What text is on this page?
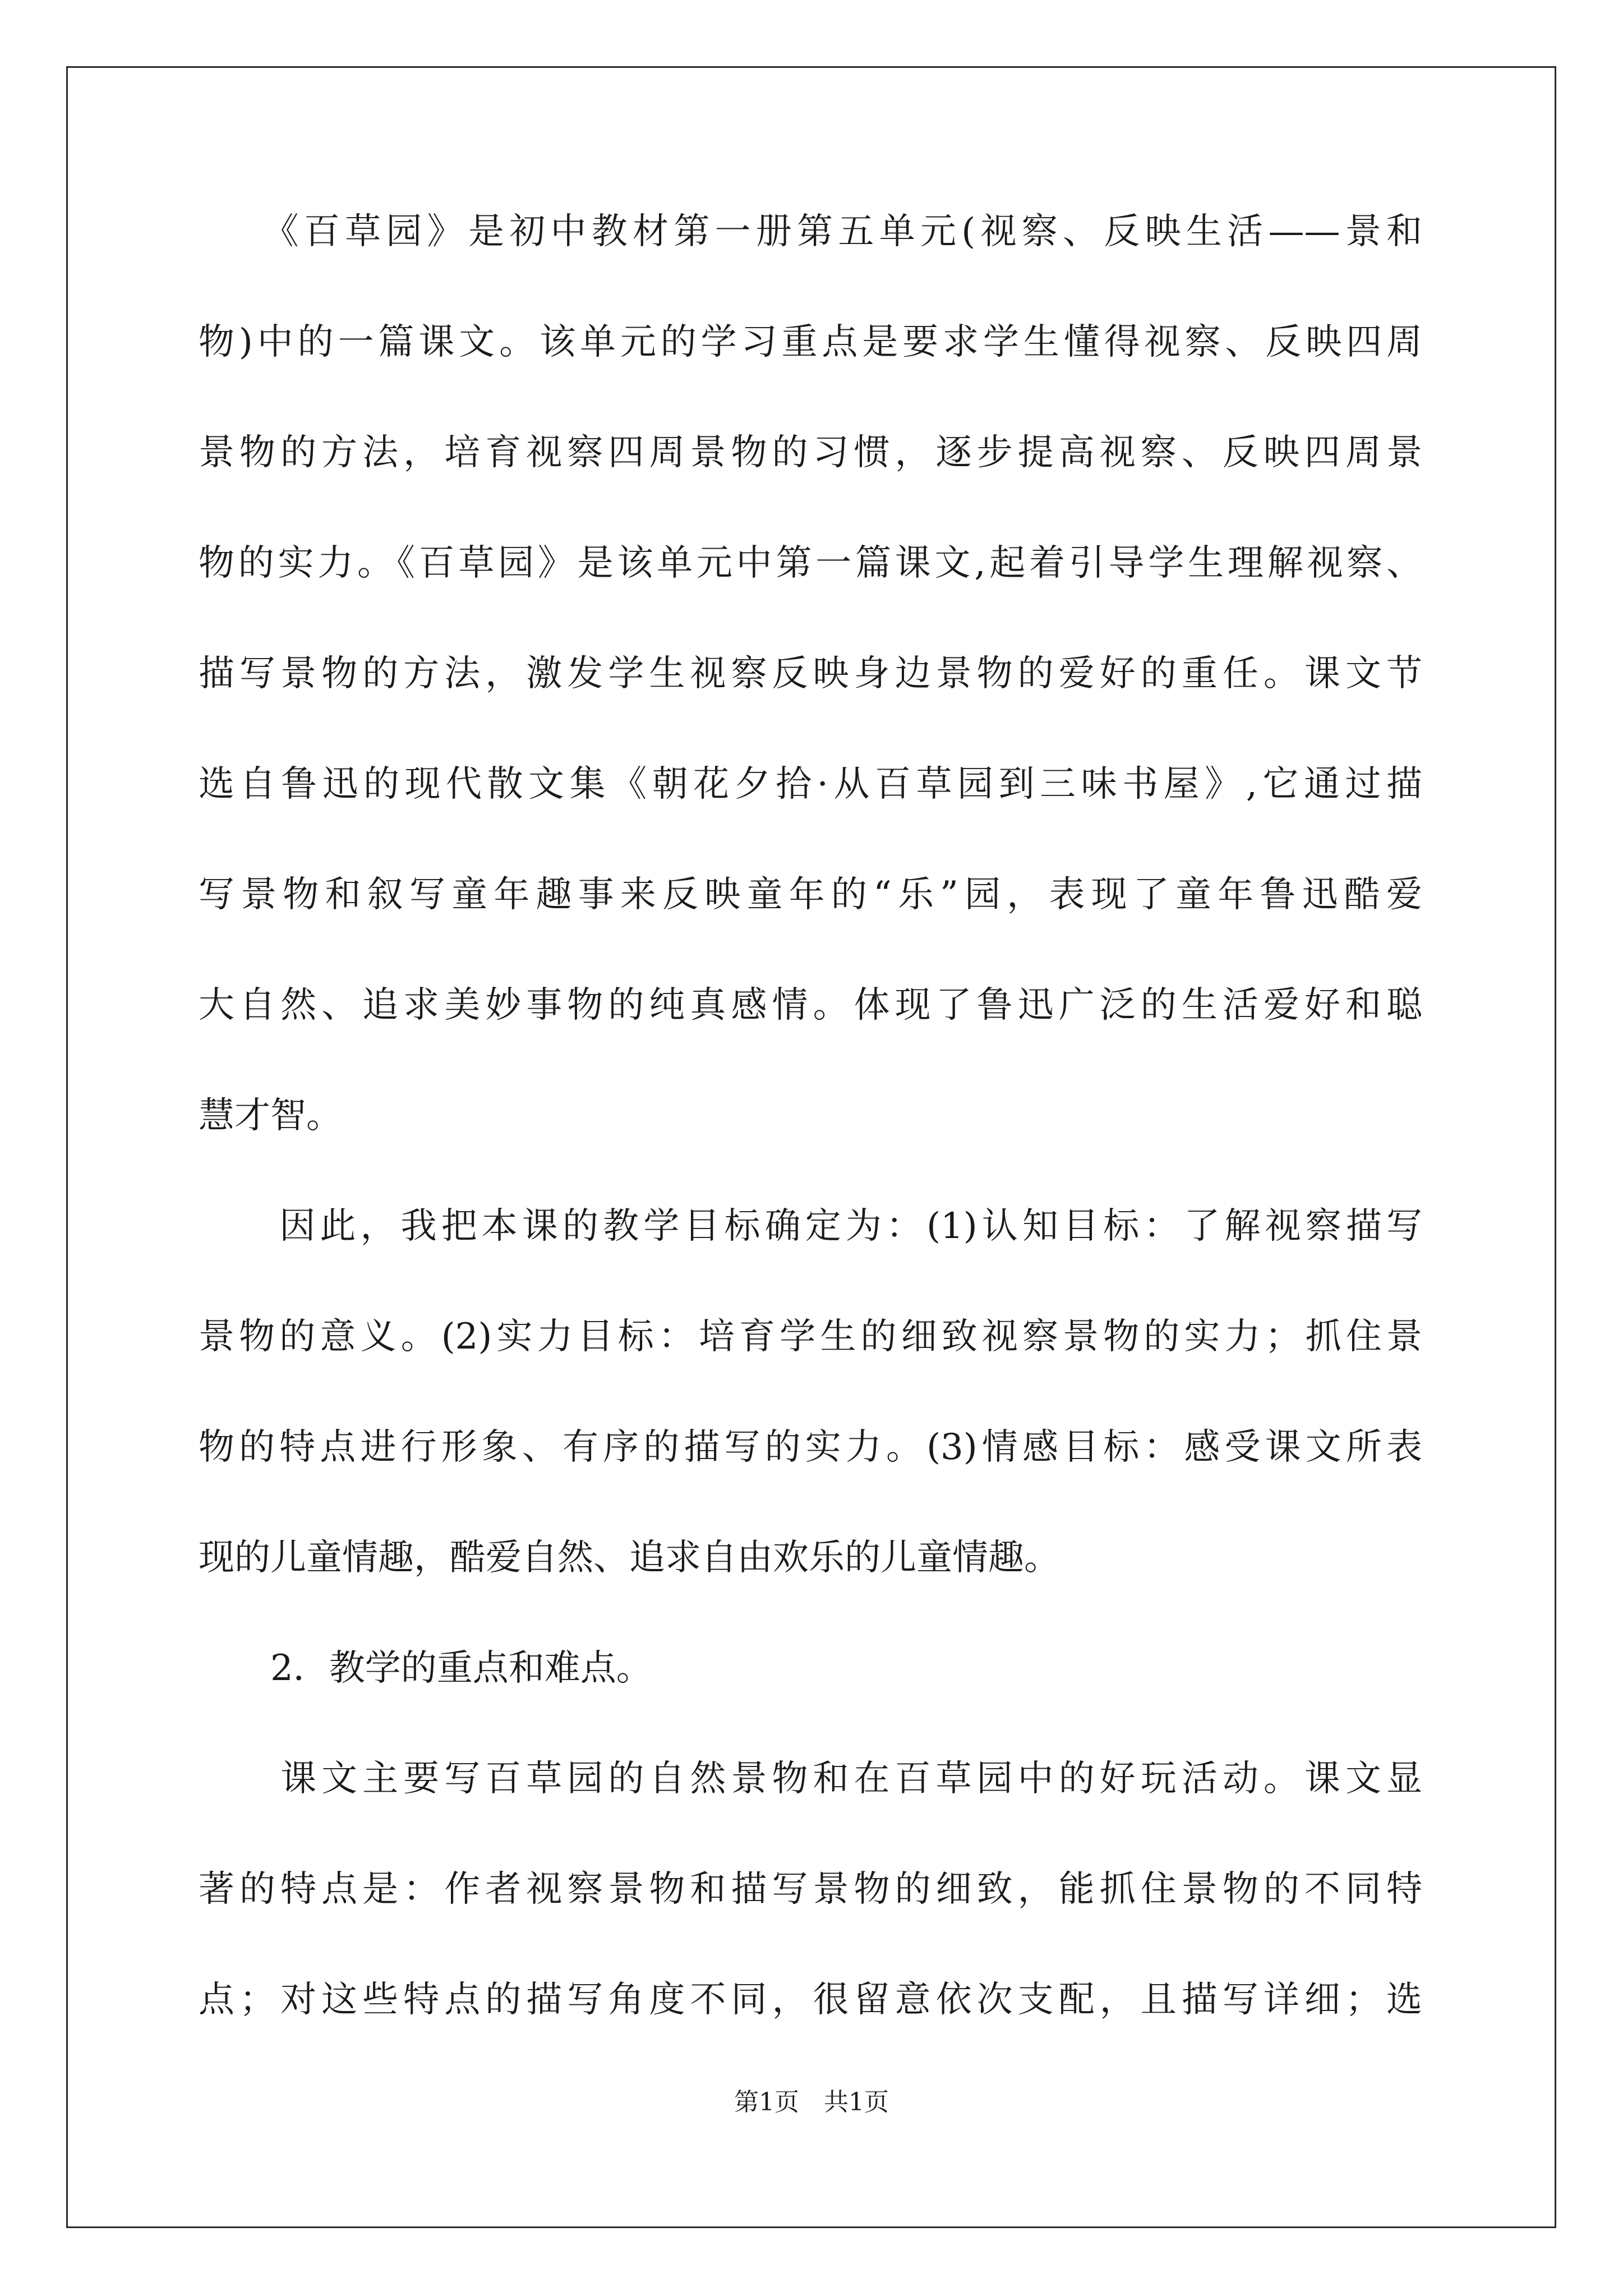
　　《百草园》是初中教材第一册第五单元(视察、反映生活——景和
物)中的一篇课文。该单元的学习重点是要求学生懂得视察、反映四周
景物的方法，培育视察四周景物的习惯，逐步提高视察、反映四周景
物的实力。《百草园》是该单元中第一篇课文,起着引导学生理解视察、
描写景物的方法，激发学生视察反映身边景物的爱好的重任。课文节
选自鲁迅的现代散文集《朝花夕拾·从百草园到三味书屋》,它通过描
写景物和叙写童年趣事来反映童年的“乐”园，表现了童年鲁迅酷爱
大自然、追求美妙事物的纯真感情。体现了鲁迅广泛的生活爱好和聪
慧才智。
　　因此，我把本课的教学目标确定为：(1)认知目标：了解视察描写
景物的意义。(2)实力目标：培育学生的细致视察景物的实力；抓住景
物的特点进行形象、有序的描写的实力。(3)情感目标：感受课文所表
现的儿童情趣，酷爱自然、追求自由欢乐的儿童情趣。
　　2．教学的重点和难点。
　　课文主要写百草园的自然景物和在百草园中的好玩活动。课文显
著的特点是：作者视察景物和描写景物的细致，能抓住景物的不同特
点；对这些特点的描写角度不同，很留意依次支配，且描写详细；选
第1页　共1页
